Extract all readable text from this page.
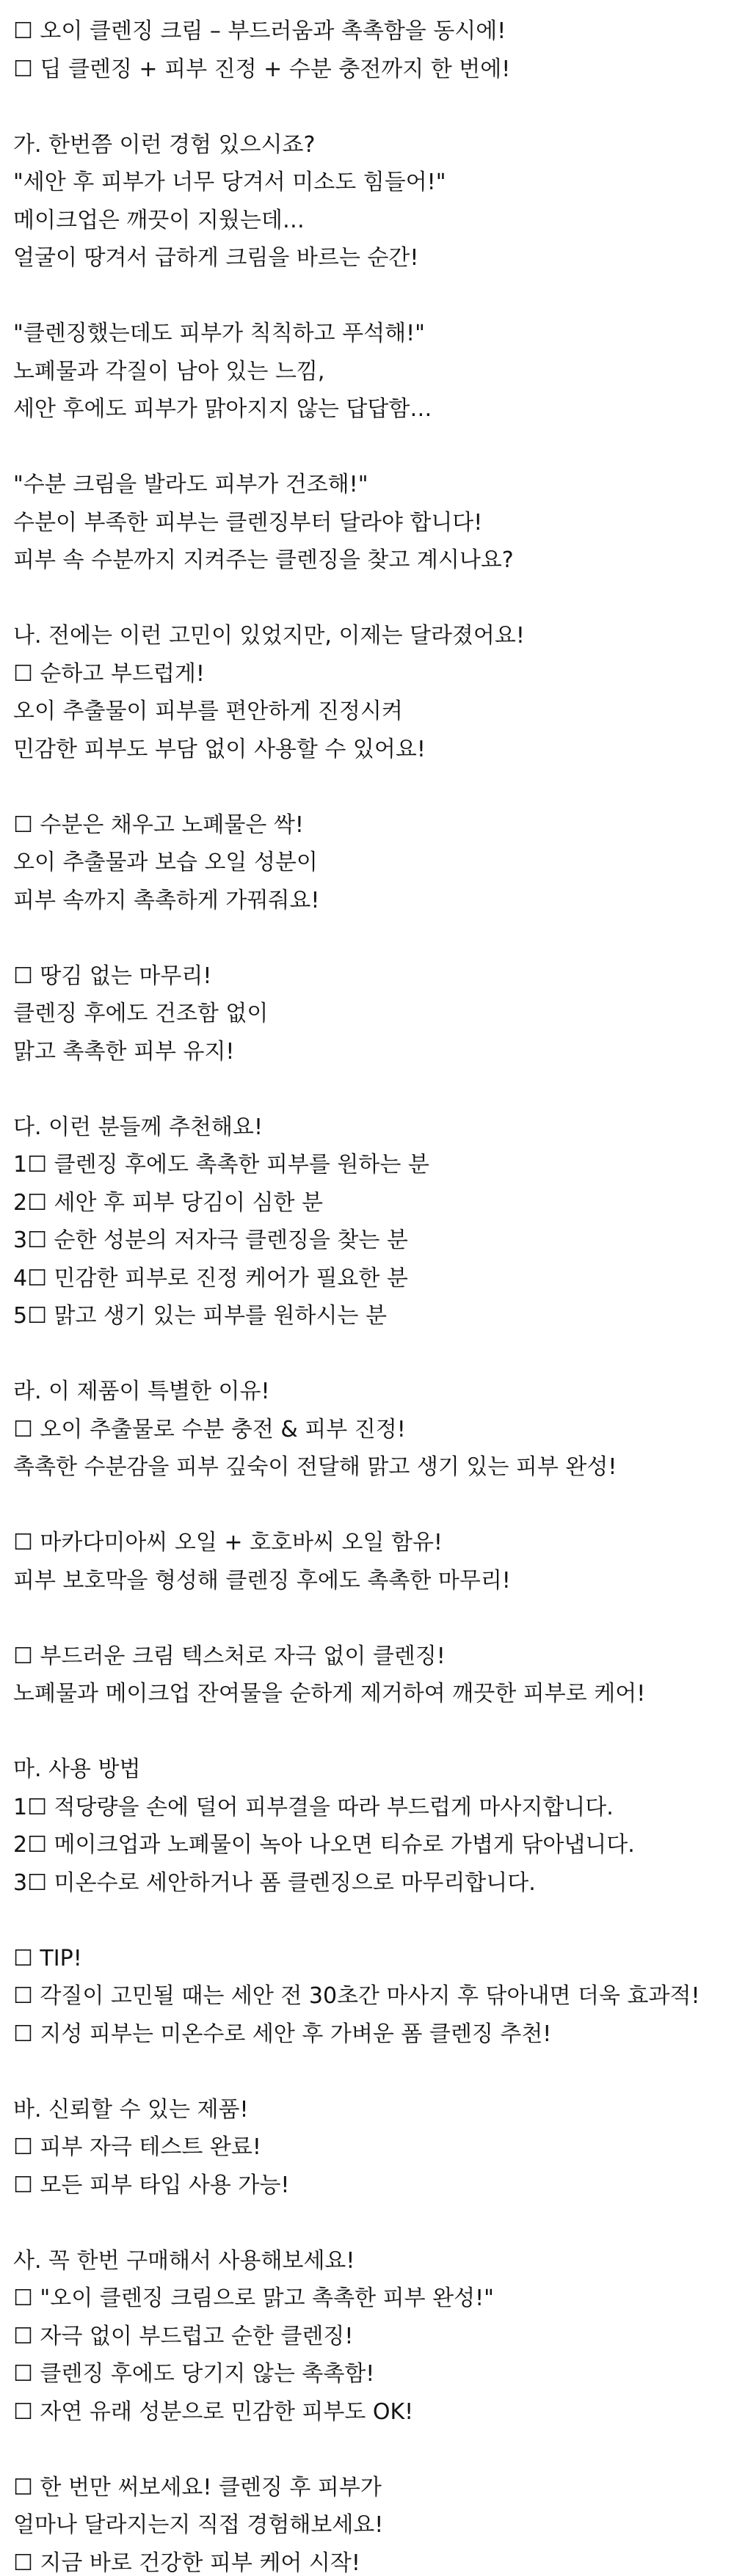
☐ 오이 클렌징 크림 – 부드러움과 촉촉함을 동시에!
☐ 딥 클렌징 + 피부 진정 + 수분 충전까지 한 번에!
가. 한번쯤 이런 경험 있으시죠?
"세안 후 피부가 너무 당겨서 미소도 힘들어!"
메이크업은 깨끗이 지웠는데…
얼굴이 땅겨서 급하게 크림을 바르는 순간!
"클렌징했는데도 피부가 칙칙하고 푸석해!"
노폐물과 각질이 남아 있는 느낌,
세안 후에도 피부가 맑아지지 않는 답답함…
"수분 크림을 발라도 피부가 건조해!"
수분이 부족한 피부는 클렌징부터 달라야 합니다!
피부 속 수분까지 지켜주는 클렌징을 찾고 계시나요?
나. 전에는 이런 고민이 있었지만, 이제는 달라졌어요!
☐ 순하고 부드럽게!
오이 추출물이 피부를 편안하게 진정시켜
민감한 피부도 부담 없이 사용할 수 있어요!
☐ 수분은 채우고 노폐물은 싹!
오이 추출물과 보습 오일 성분이
피부 속까지 촉촉하게 가꿔줘요!
☐ 땅김 없는 마무리!
클렌징 후에도 건조함 없이
맑고 촉촉한 피부 유지!
다. 이런 분들께 추천해요!
1☐ 클렌징 후에도 촉촉한 피부를 원하는 분
2☐ 세안 후 피부 당김이 심한 분
3☐ 순한 성분의 저자극 클렌징을 찾는 분
4☐ 민감한 피부로 진정 케어가 필요한 분
5☐ 맑고 생기 있는 피부를 원하시는 분
라. 이 제품이 특별한 이유!
☐ 오이 추출물로 수분 충전 & 피부 진정!
촉촉한 수분감을 피부 깊숙이 전달해 맑고 생기 있는 피부 완성!
☐ 마카다미아씨 오일 + 호호바씨 오일 함유!
피부 보호막을 형성해 클렌징 후에도 촉촉한 마무리!
☐ 부드러운 크림 텍스처로 자극 없이 클렌징!
노폐물과 메이크업 잔여물을 순하게 제거하여 깨끗한 피부로 케어!
마. 사용 방법
1☐ 적당량을 손에 덜어 피부결을 따라 부드럽게 마사지합니다.
2☐ 메이크업과 노폐물이 녹아 나오면 티슈로 가볍게 닦아냅니다.
3☐ 미온수로 세안하거나 폼 클렌징으로 마무리합니다.
☐ TIP!
☐ 각질이 고민될 때는 세안 전 30초간 마사지 후 닦아내면 더욱 효과적!
☐ 지성 피부는 미온수로 세안 후 가벼운 폼 클렌징 추천!
바. 신뢰할 수 있는 제품!
☐ 피부 자극 테스트 완료!
☐ 모든 피부 타입 사용 가능!
사. 꼭 한번 구매해서 사용해보세요!
☐ "오이 클렌징 크림으로 맑고 촉촉한 피부 완성!"
☐ 자극 없이 부드럽고 순한 클렌징!
☐ 클렌징 후에도 당기지 않는 촉촉함!
☐ 자연 유래 성분으로 민감한 피부도 OK!
☐ 한 번만 써보세요! 클렌징 후 피부가
얼마나 달라지는지 직접 경험해보세요!
☐ 지금 바로 건강한 피부 케어 시작!
